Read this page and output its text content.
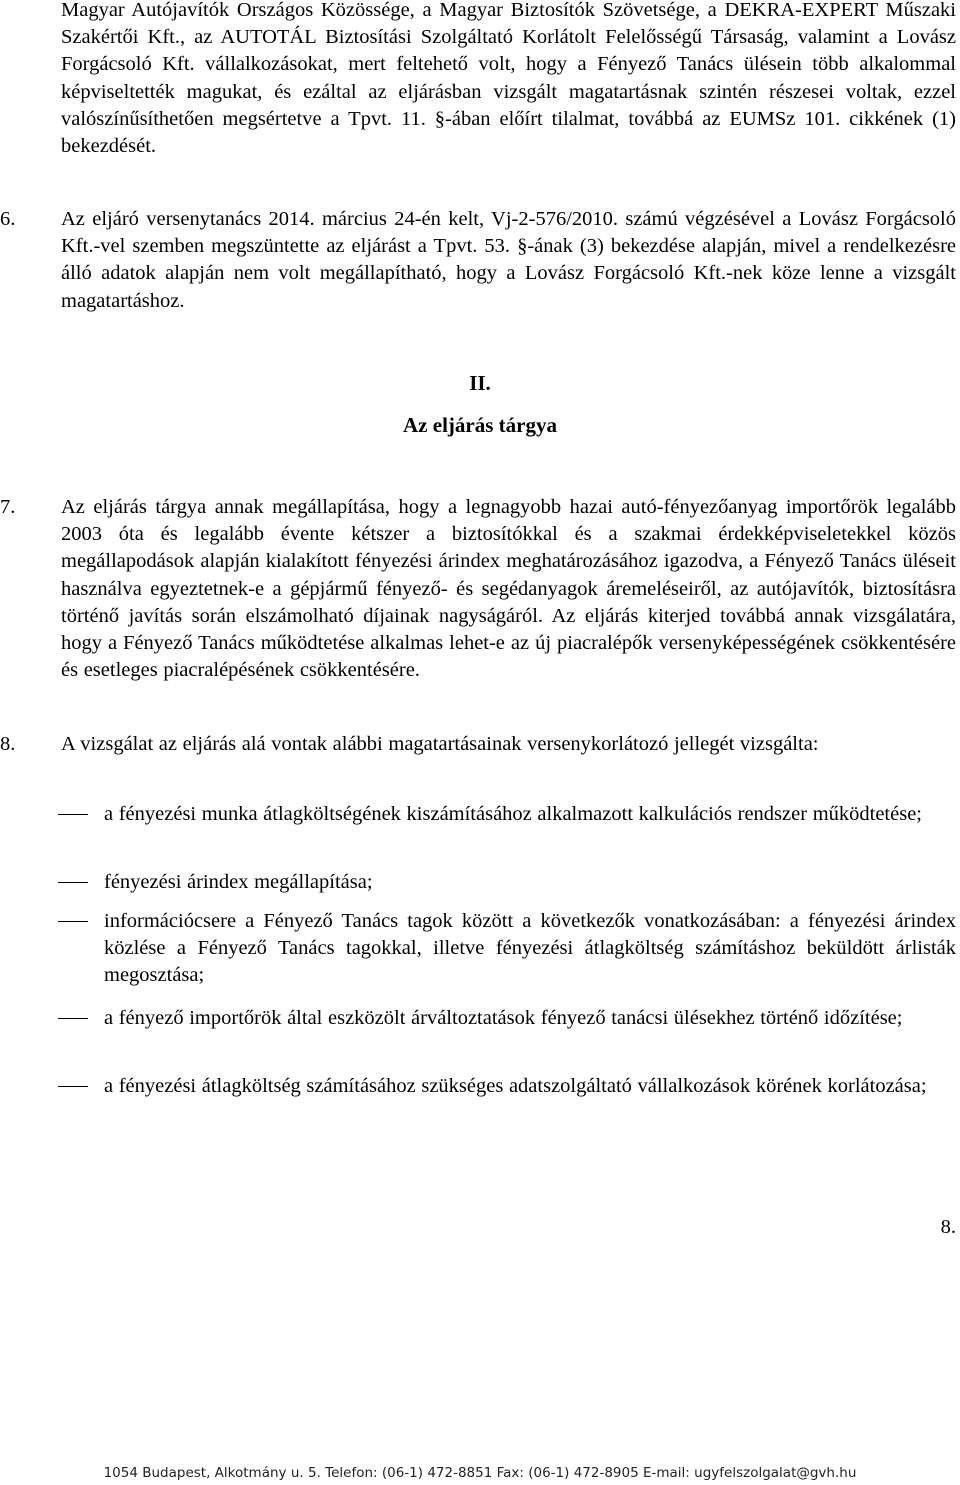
Magyar Autójavítók Országos Közössége, a Magyar Biztosítók Szövetsége, a DEKRA-EXPERT Műszaki Szakértői Kft., az AUTOTÁL Biztosítási Szolgáltató Korlátolt Felelősségű Társaság, valamint a Lovász Forgácsoló Kft. vállalkozásokat, mert feltehető volt, hogy a Fényező Tanács ülésein több alkalommal képviseltették magukat, és ezáltal az eljárásban vizsgált magatartásnak szintén részesei voltak, ezzel valószínűsíthetően megsértetve a Tpvt. 11. §-ában előírt tilalmat, továbbá az EUMSz 101. cikkének (1) bekezdését.
6.	Az eljáró versenytanács 2014. március 24-én kelt, Vj-2-576/2010. számú végzésével a Lovász Forgácsoló Kft.-vel szemben megszüntette az eljárást a Tpvt. 53. §-ának (3) bekezdése alapján, mivel a rendelkezésre álló adatok alapján nem volt megállapítható, hogy a Lovász Forgácsoló Kft.-nek köze lenne a vizsgált magatartáshoz.
II.
Az eljárás tárgya
7.	Az eljárás tárgya annak megállapítása, hogy a legnagyobb hazai autó-fényezőanyag importőrök legalább 2003 óta és legalább évente kétszer a biztosítókkal és a szakmai érdekképviseletekkel közös megállapodások alapján kialakított fényezési árindex meghatározásához igazodva, a Fényező Tanács üléseit használva egyeztetnek-e a gépjármű fényező- és segédanyagok áremeléseiről, az autójavítók, biztosításra történő javítás során elszámolható díjainak nagyságáról. Az eljárás kiterjed továbbá annak vizsgálatára, hogy a Fényező Tanács működtetése alkalmas lehet-e az új piacralépők versenyképességének csökkentésére és esetleges piacralépésének csökkentésére.
8.	A vizsgálat az eljárás alá vontak alábbi magatartásainak versenykorlátozó jellegét vizsgálta:
a fényezési munka átlagköltségének kiszámításához alkalmazott kalkulációs rendszer működtetése;
fényezési árindex megállapítása;
információcsere a Fényező Tanács tagok között a következők vonatkozásában: a fényezési árindex közlése a Fényező Tanács tagokkal, illetve fényezési átlagköltség számításhoz beküldött árlisták megosztása;
a fényező importőrök által eszközölt árváltoztatások fényező tanácsi ülésekhez történő időzítése;
a fényezési átlagköltség számításához szükséges adatszolgáltató vállalkozások körének korlátozása;
8.
1054 Budapest, Alkotmány u. 5. Telefon: (06-1) 472-8851 Fax: (06-1) 472-8905 E-mail: ugyfelszolgalat@gvh.hu
